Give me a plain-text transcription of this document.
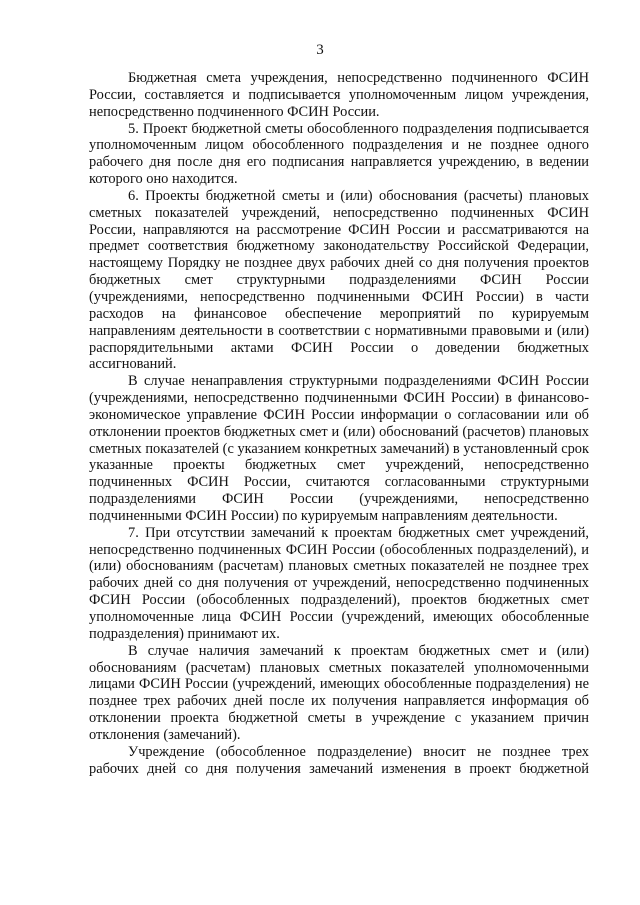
3

Бюджетная смета учреждения, непосредственно подчиненного ФСИН России, составляется и подписывается уполномоченным лицом учреждения, непосредственно подчиненного ФСИН России.

5. Проект бюджетной сметы обособленного подразделения подписывается уполномоченным лицом обособленного подразделения и не позднее одного рабочего дня после дня его подписания направляется учреждению, в ведении которого оно находится.

6. Проекты бюджетной сметы и (или) обоснования (расчеты) плановых сметных показателей учреждений, непосредственно подчиненных ФСИН России, направляются на рассмотрение ФСИН России и рассматриваются на предмет соответствия бюджетному законодательству Российской Федерации, настоящему Порядку не позднее двух рабочих дней со дня получения проектов бюджетных смет структурными подразделениями ФСИН России (учреждениями, непосредственно подчиненными ФСИН России) в части расходов на финансовое обеспечение мероприятий по курируемым направлениям деятельности в соответствии с нормативными правовыми и (или) распорядительными актами ФСИН России о доведении бюджетных ассигнований.

В случае ненаправления структурными подразделениями ФСИН России (учреждениями, непосредственно подчиненными ФСИН России) в финансово-экономическое управление ФСИН России информации о согласовании или об отклонении проектов бюджетных смет и (или) обоснований (расчетов) плановых сметных показателей (с указанием конкретных замечаний) в установленный срок указанные проекты бюджетных смет учреждений, непосредственно подчиненных ФСИН России, считаются согласованными структурными подразделениями ФСИН России (учреждениями, непосредственно подчиненными ФСИН России) по курируемым направлениям деятельности.

7. При отсутствии замечаний к проектам бюджетных смет учреждений, непосредственно подчиненных ФСИН России (обособленных подразделений), и (или) обоснованиям (расчетам) плановых сметных показателей не позднее трех рабочих дней со дня получения от учреждений, непосредственно подчиненных ФСИН России (обособленных подразделений), проектов бюджетных смет уполномоченные лица ФСИН России (учреждений, имеющих обособленные подразделения) принимают их.

В случае наличия замечаний к проектам бюджетных смет и (или) обоснованиям (расчетам) плановых сметных показателей уполномоченными лицами ФСИН России (учреждений, имеющих обособленные подразделения) не позднее трех рабочих дней после их получения направляется информация об отклонении проекта бюджетной сметы в учреждение с указанием причин отклонения (замечаний).

Учреждение (обособленное подразделение) вносит не позднее трех рабочих дней со дня получения замечаний изменения в проект бюджетной
